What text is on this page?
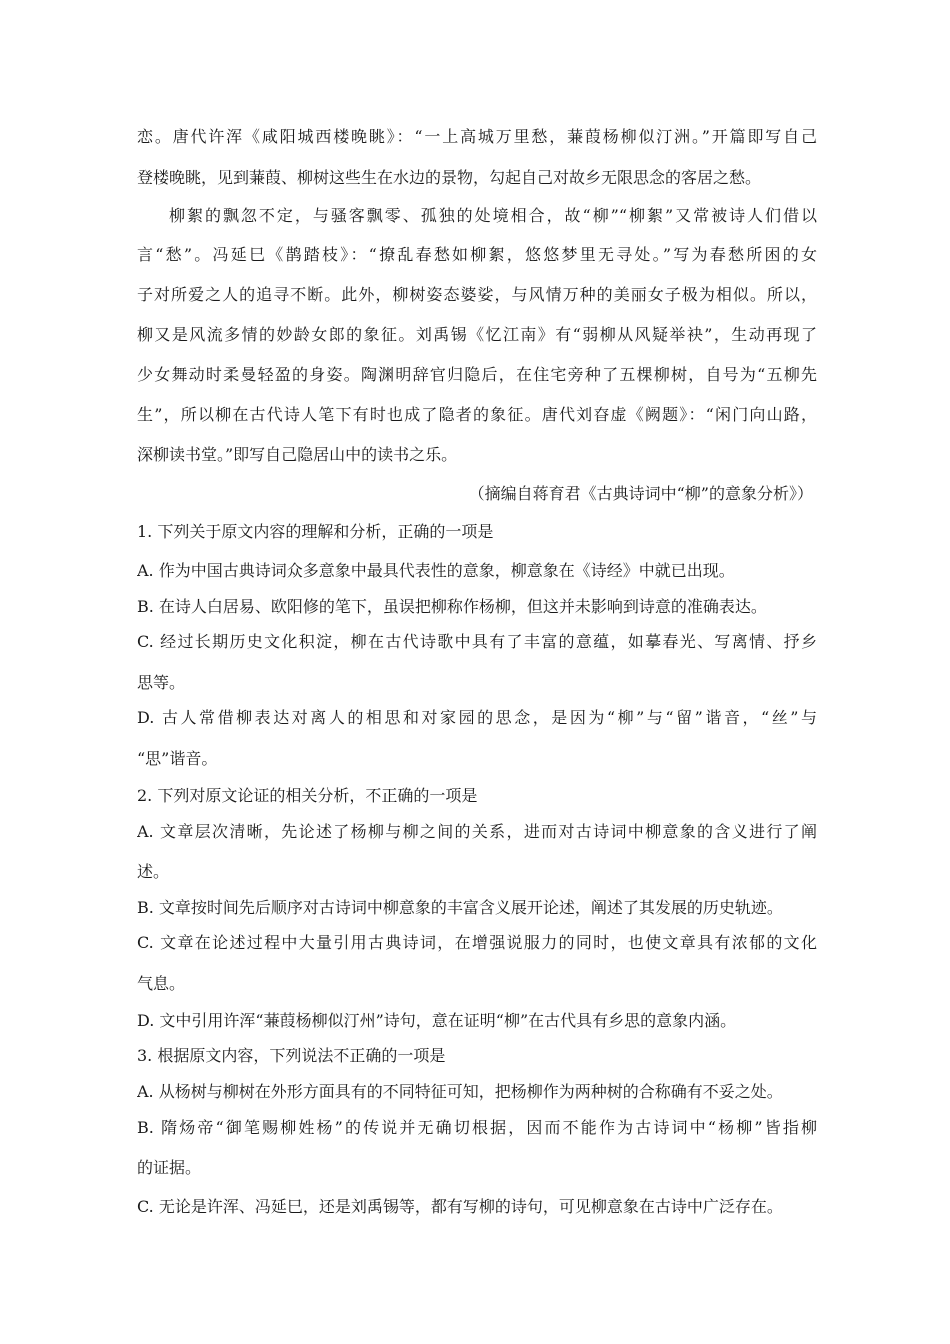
恋。唐代许浑《咸阳城西楼晚眺》：“一上高城万里愁，蒹葭杨柳似汀洲。”开篇即写自己
登楼晚眺，见到蒹葭、柳树这些生在水边的景物，勾起自己对故乡无限思念的客居之愁。
柳絮的飘忽不定，与骚客飘零、孤独的处境相合，故“柳”“柳絮”又常被诗人们借以
言“愁”。冯延巳《鹊踏枝》：“撩乱春愁如柳絮，悠悠梦里无寻处。”写为春愁所困的女
子对所爱之人的追寻不断。此外，柳树姿态婆娑，与风情万种的美丽女子极为相似。所以，
柳又是风流多情的妙龄女郎的象征。刘禹锡《忆江南》有“弱柳从风疑举袂”，生动再现了
少女舞动时柔曼轻盈的身姿。陶渊明辞官归隐后，在住宅旁种了五棵柳树，自号为“五柳先
生”，所以柳在古代诗人笔下有时也成了隐者的象征。唐代刘昚虚《阙题》：“闲门向山路，
深柳读书堂。”即写自己隐居山中的读书之乐。
（摘编自蒋育君《古典诗词中“柳”的意象分析》）
1. 下列关于原文内容的理解和分析，正确的一项是
A. 作为中国古典诗词众多意象中最具代表性的意象，柳意象在《诗经》中就已出现。
B. 在诗人白居易、欧阳修的笔下，虽误把柳称作杨柳，但这并未影响到诗意的准确表达。
C. 经过长期历史文化积淀，柳在古代诗歌中具有了丰富的意蕴，如摹春光、写离情、抒乡
思等。
D. 古人常借柳表达对离人的相思和对家园的思念，是因为“柳”与“留”谐音，“丝”与
“思”谐音。
2. 下列对原文论证的相关分析，不正确的一项是
A. 文章层次清晰，先论述了杨柳与柳之间的关系，进而对古诗词中柳意象的含义进行了阐
述。
B. 文章按时间先后顺序对古诗词中柳意象的丰富含义展开论述，阐述了其发展的历史轨迹。
C. 文章在论述过程中大量引用古典诗词，在增强说服力的同时，也使文章具有浓郁的文化
气息。
D. 文中引用许浑“蒹葭杨柳似汀州”诗句，意在证明“柳”在古代具有乡思的意象内涵。
3. 根据原文内容，下列说法不正确的一项是
A. 从杨树与柳树在外形方面具有的不同特征可知，把杨柳作为两种树的合称确有不妥之处。
B. 隋炀帝“御笔赐柳姓杨”的传说并无确切根据，因而不能作为古诗词中“杨柳”皆指柳
的证据。
C. 无论是许浑、冯延巳，还是刘禹锡等，都有写柳的诗句，可见柳意象在古诗中广泛存在。
